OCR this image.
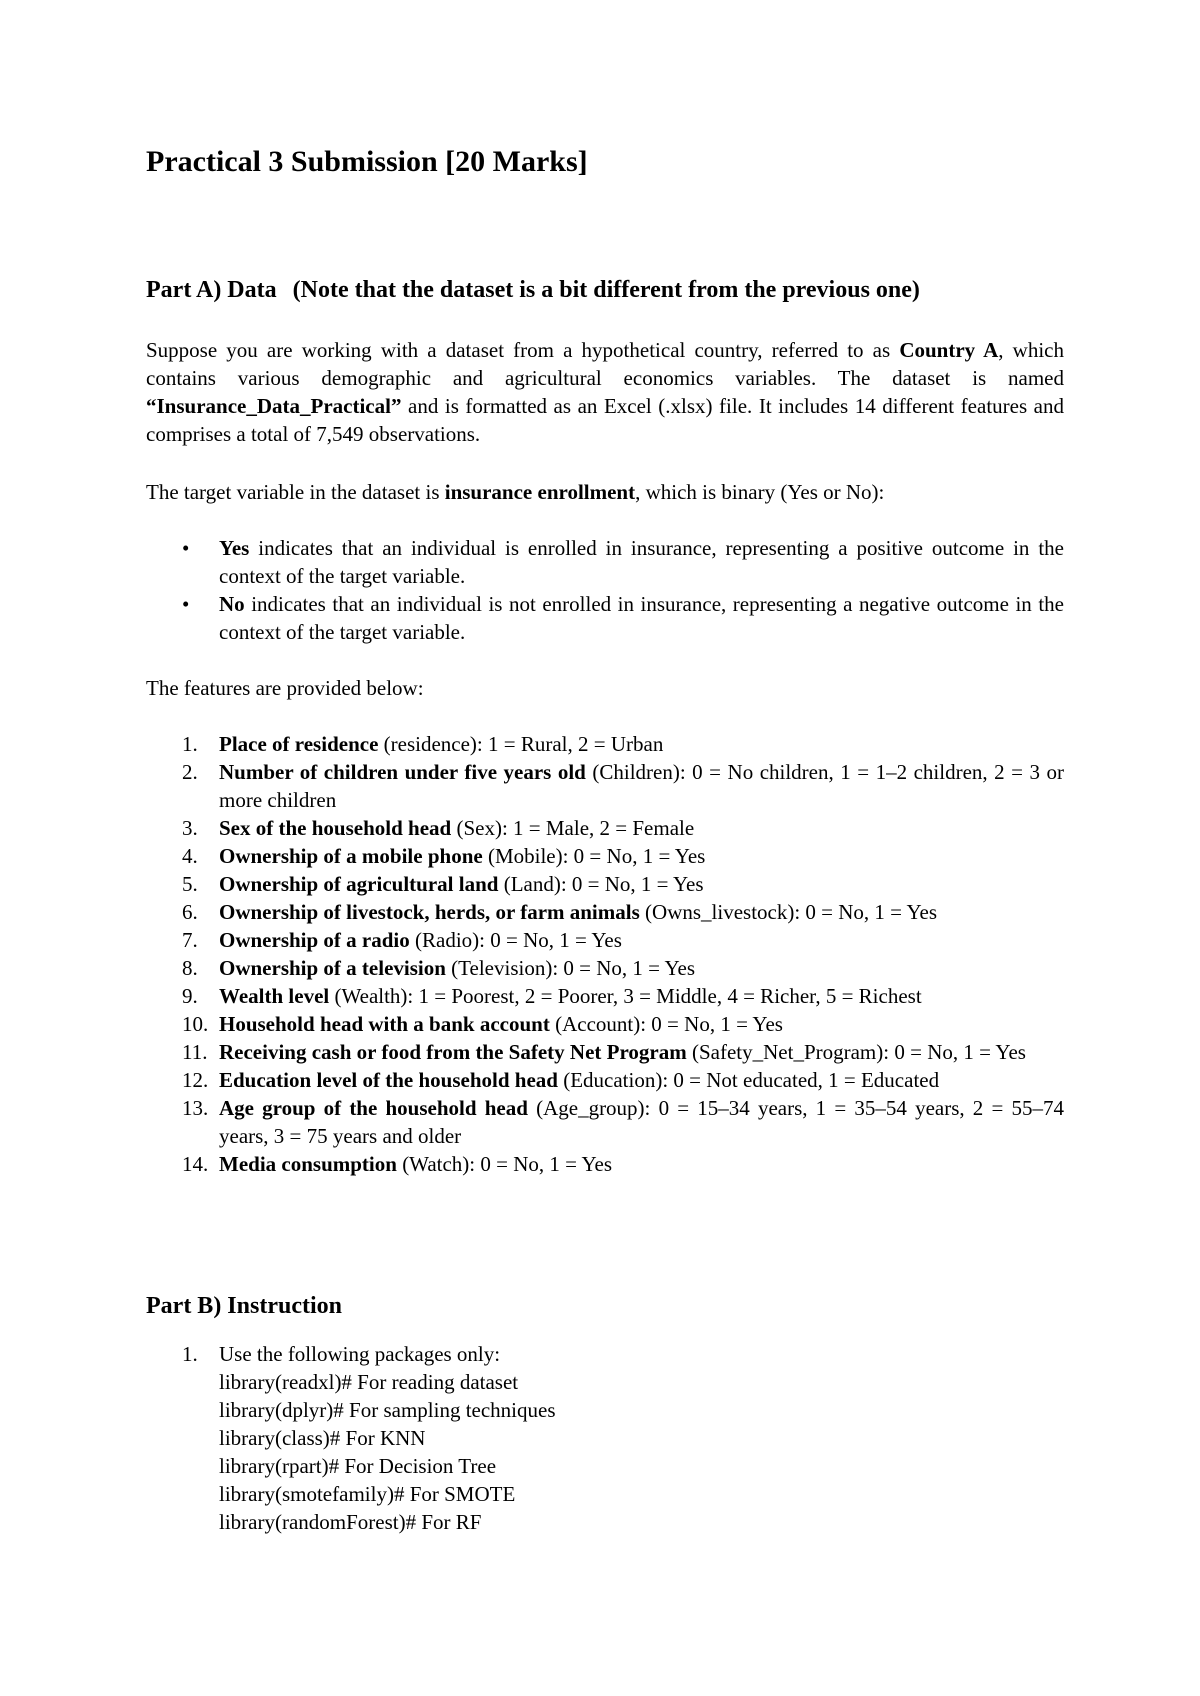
Practical 3 Submission [20 Marks]
Part A) Data (Note that the dataset is a bit different from the previous one)

Suppose you are working with a dataset from a hypothetical country, referred to as Country A, which contains various demographic and agricultural economics variables. The dataset is named “Insurance_Data_Practical” and is formatted as an Excel (.xlsx) file. It includes 14 different features and comprises a total of 7,549 observations.

The target variable in the dataset is insurance enrollment, which is binary (Yes or No):

• Yes indicates that an individual is enrolled in insurance, representing a positive outcome in the context of the target variable.
• No indicates that an individual is not enrolled in insurance, representing a negative outcome in the context of the target variable.

The features are provided below:

1.	Place of residence (residence): 1 = Rural, 2 = Urban
2.	Number of children under five years old (Children): 0 = No children, 1 = 1–2 children, 2 = 3 or more children
3.	Sex of the household head (Sex): 1 = Male, 2 = Female
4.	Ownership of a mobile phone (Mobile): 0 = No, 1 = Yes
5.	Ownership of agricultural land (Land): 0 = No, 1 = Yes
6.	Ownership of livestock, herds, or farm animals (Owns_livestock): 0 = No, 1 = Yes
7.	Ownership of a radio (Radio): 0 = No, 1 = Yes
8.	Ownership of a television (Television): 0 = No, 1 = Yes
9.	Wealth level (Wealth): 1 = Poorest, 2 = Poorer, 3 = Middle, 4 = Richer, 5 = Richest
10. Household head with a bank account (Account): 0 = No, 1 = Yes
11. Receiving cash or food from the Safety Net Program (Safety_Net_Program): 0 = No, 1 = Yes
12. Education level of the household head (Education): 0 = Not educated, 1 = Educated
13. Age group of the household head (Age_group): 0 = 15–34 years, 1 = 35–54 years, 2 = 55–74 years, 3 = 75 years and older
14. Media consumption (Watch): 0 = No, 1 = Yes
Part B) Instruction
1.	Use the following packages only:
library(readxl)# For reading dataset
library(dplyr)# For sampling techniques
library(class)# For KNN
library(rpart)# For Decision Tree
library(smotefamily)# For SMOTE
library(randomForest)# For RF
